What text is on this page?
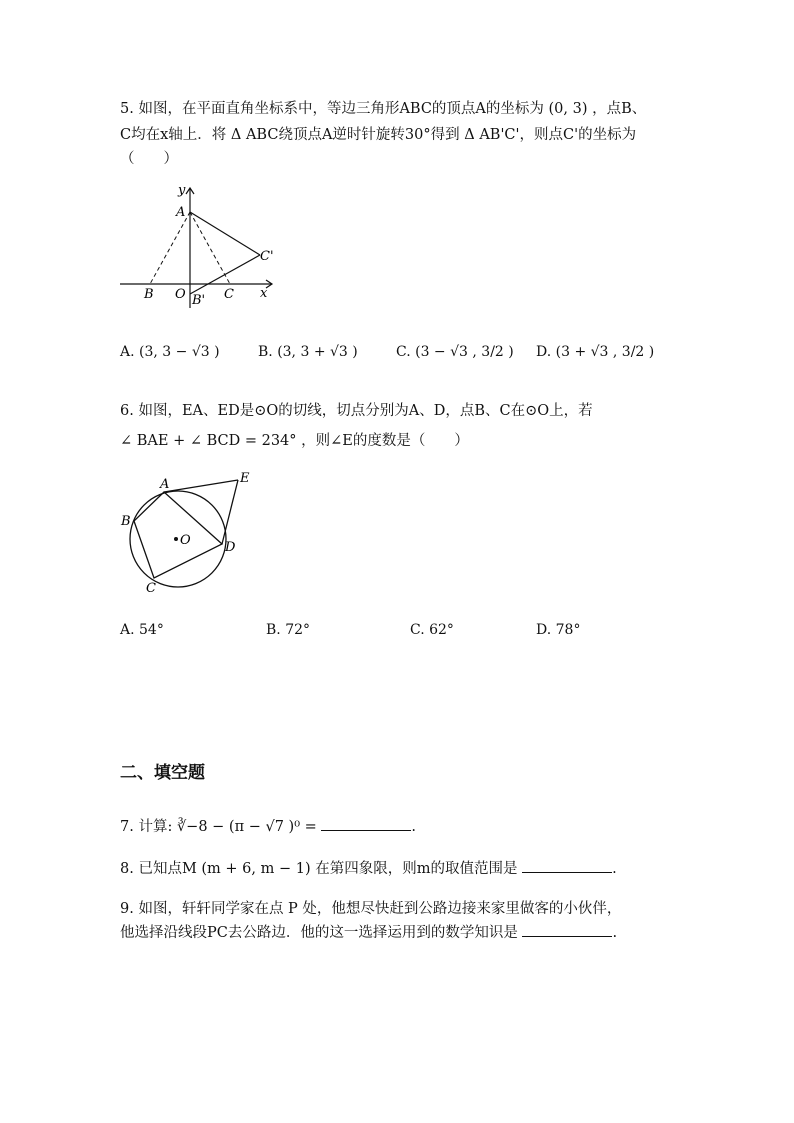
5. 如图，在平面直角坐标系中，等边三角形ABC的顶点A的坐标为 (0, 3) ，点B、
C均在x轴上．将 Δ ABC绕顶点A逆时针旋转30°得到 Δ AB'C'，则点C'的坐标为
（　　）
y
A
C'
B O	C x
B'
A. (3, 3 − √3 )	B. (3, 3 + √3 )	C. (3 − √3 , 3/2 ) D. (3 + √3 , 3/2 )
6. 如图，EA、ED是⊙O的切线，切点分别为A、D，点B、C在⊙O上，若
∠ BAE + ∠ BCD = 234° ，则∠E的度数是（　　）
A	E
B
O	D
C
A. 54°	B. 72°	C. 62°	D. 78°
二、填空题
7. 计算: ∛−8 − (π − √7 )⁰ =	.
8. 已知点M (m + 6, m − 1) 在第四象限，则m的取值范围是	.
9. 如图，轩轩同学家在点 P 处，他想尽快赶到公路边接来家里做客的小伙伴，
他选择沿线段PC去公路边．他的这一选择运用到的数学知识是	.
